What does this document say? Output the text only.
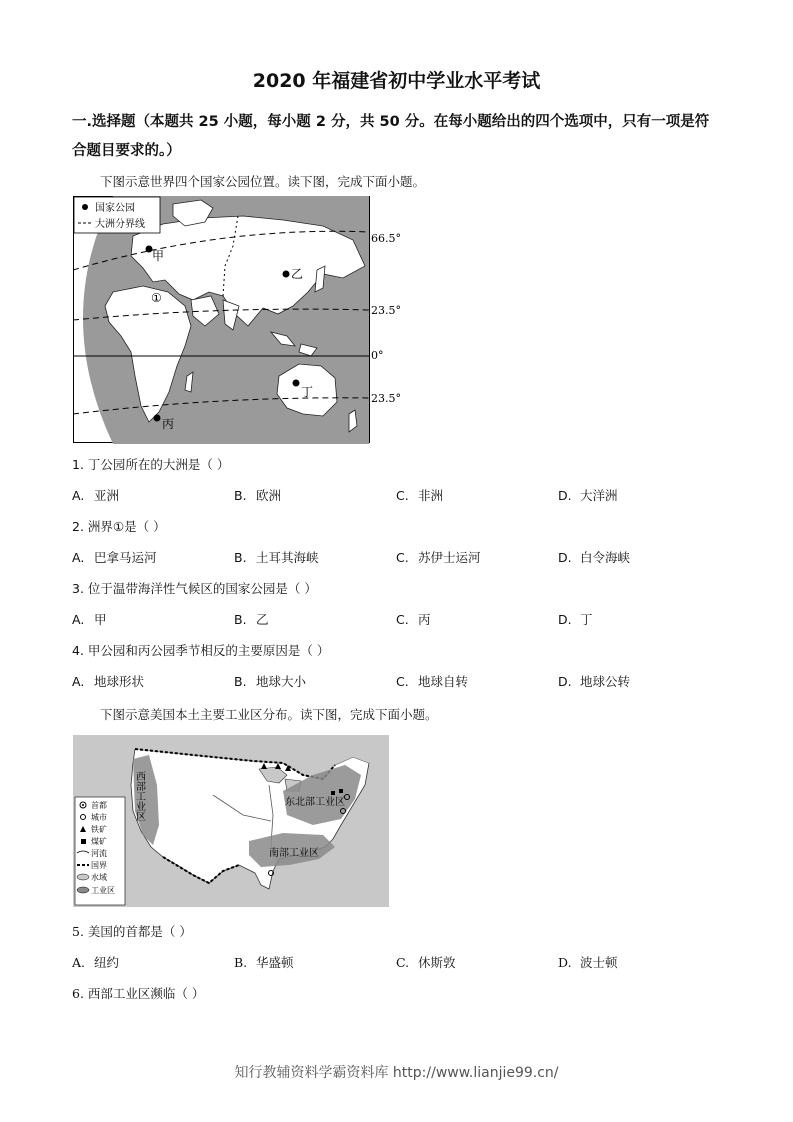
2020 年福建省初中学业水平考试
一.选择题（本题共 25 小题，每小题 2 分，共 50 分。在每小题给出的四个选项中，只有一项是符合题目要求的。）
下图示意世界四个国家公园位置。读下图，完成下面小题。
国家公园
大洲分界线
66.5°
23.5°
0°
23.5°
甲
乙
丙
丁
①
1. 丁公园所在的大洲是（ ）
A. 亚洲	B. 欧洲	C. 非洲	D. 大洋洲
2. 洲界①是（ ）
A. 巴拿马运河	B. 土耳其海峡	C. 苏伊士运河	D. 白令海峡
3. 位于温带海洋性气候区的国家公园是（ ）
A. 甲	B. 乙	C. 丙	D. 丁
4. 甲公园和丙公园季节相反的主要原因是（ ）
A. 地球形状	B. 地球大小	C. 地球自转	D. 地球公转
下图示意美国本土主要工业区分布。读下图，完成下面小题。
西部工业区	东北部工业区
南部工业区
首都
城市
铁矿
煤矿
河流
国界
水域
工业区
5. 美国的首都是（ ）
A. 纽约	B. 华盛顿	C. 休斯敦	D. 波士顿
6. 西部工业区濒临（ ）
知行教辅资料学霸资料库 http://www.lianjie99.cn/
